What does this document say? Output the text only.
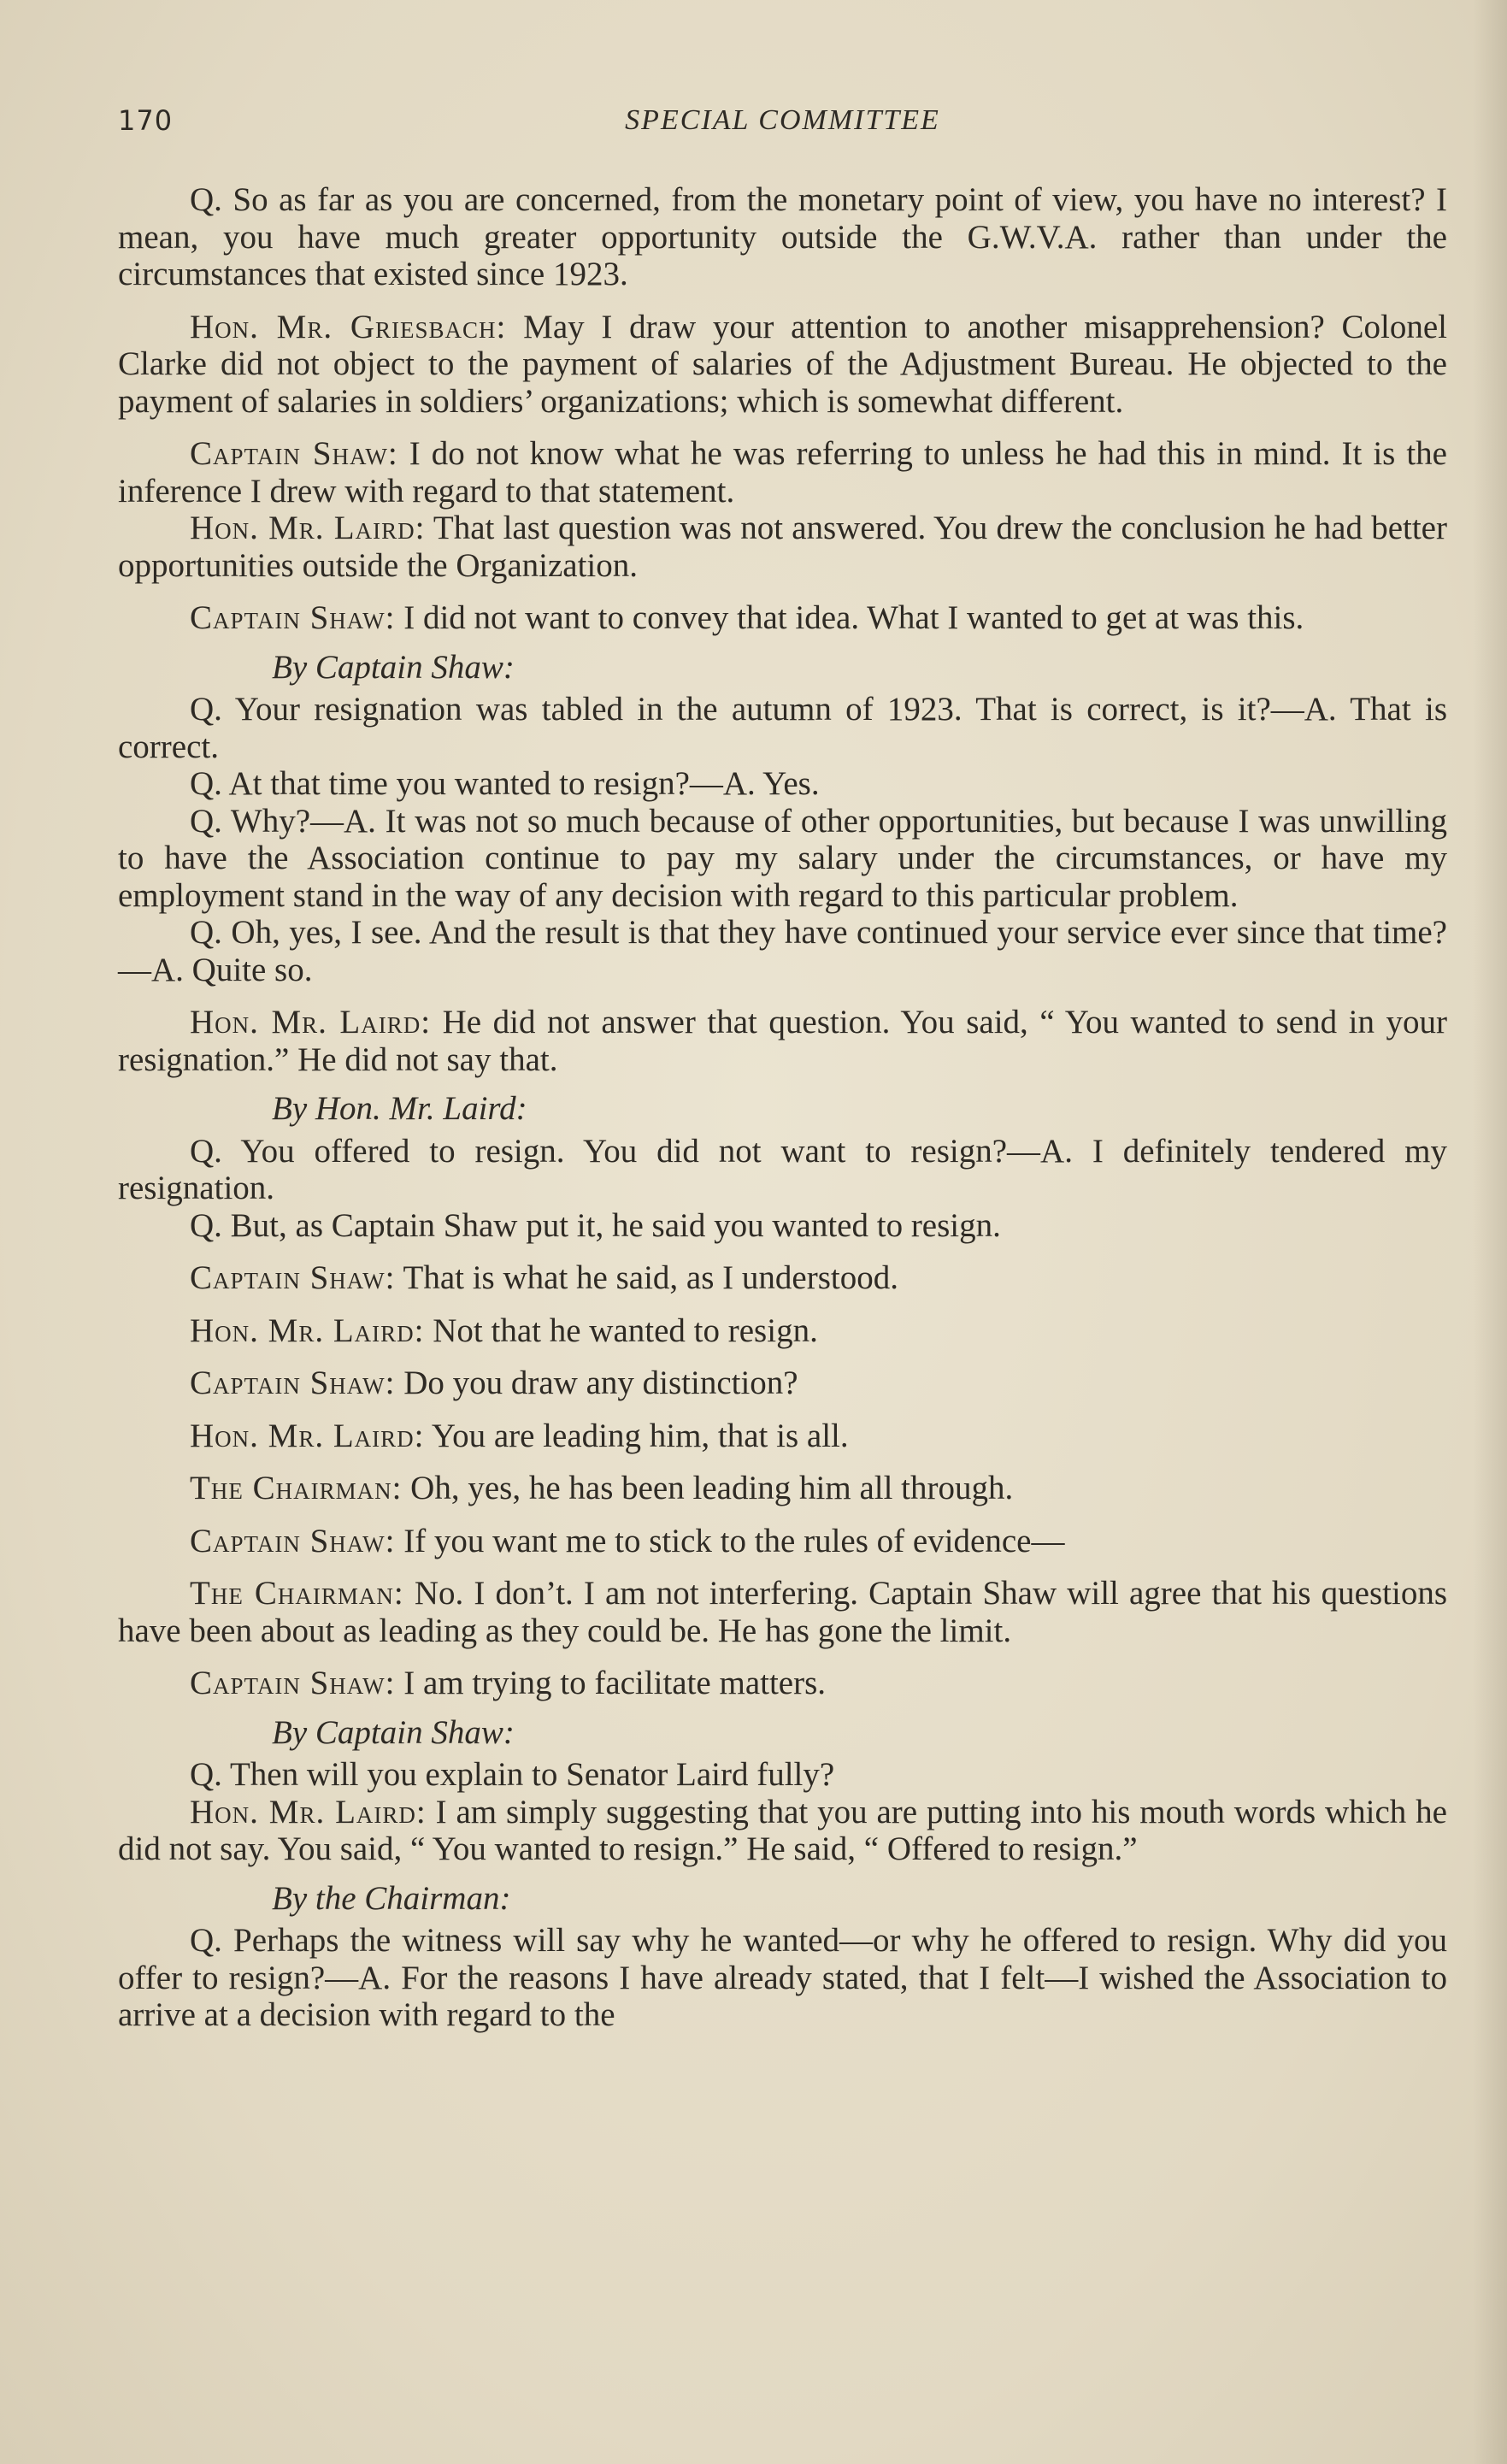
170	SPECIAL COMMITTEE

Q. So as far as you are concerned, from the monetary point of view, you have no interest? I mean, you have much greater opportunity outside the G.W.V.A. rather than under the circumstances that existed since 1923.

Hon. Mr. Griesbach: May I draw your attention to another misapprehension? Colonel Clarke did not object to the payment of salaries of the Adjustment Bureau. He objected to the payment of salaries in soldiers’ organizations; which is somewhat different.

Captain Shaw: I do not know what he was referring to unless he had this in mind. It is the inference I drew with regard to that statement.

Hon. Mr. Laird: That last question was not answered. You drew the conclusion he had better opportunities outside the Organization.

Captain Shaw: I did not want to convey that idea. What I wanted to get at was this.

By Captain Shaw:

Q. Your resignation was tabled in the autumn of 1923. That is correct, is it?—A. That is correct.

Q. At that time you wanted to resign?—A. Yes.

Q. Why?—A. It was not so much because of other opportunities, but because I was unwilling to have the Association continue to pay my salary under the circumstances, or have my employment stand in the way of any decision with regard to this particular problem.

Q. Oh, yes, I see. And the result is that they have continued your service ever since that time?—A. Quite so.

Hon. Mr. Laird: He did not answer that question. You said, “ You wanted to send in your resignation.” He did not say that.

By Hon. Mr. Laird:

Q. You offered to resign. You did not want to resign?—A. I definitely tendered my resignation.

Q. But, as Captain Shaw put it, he said you wanted to resign.

Captain Shaw: That is what he said, as I understood.

Hon. Mr. Laird: Not that he wanted to resign.

Captain Shaw: Do you draw any distinction?

Hon. Mr. Laird: You are leading him, that is all.

The Chairman: Oh, yes, he has been leading him all through.

Captain Shaw: If you want me to stick to the rules of evidence—

The Chairman: No. I don’t. I am not interfering. Captain Shaw will agree that his questions have been about as leading as they could be. He has gone the limit.

Captain Shaw: I am trying to facilitate matters.

By Captain Shaw:

Q. Then will you explain to Senator Laird fully?

Hon. Mr. Laird: I am simply suggesting that you are putting into his mouth words which he did not say. You said, “ You wanted to resign.” He said, “ Offered to resign.”

By the Chairman:

Q. Perhaps the witness will say why he wanted—or why he offered to resign. Why did you offer to resign?—A. For the reasons I have already stated, that I felt—I wished the Association to arrive at a decision with regard to the
